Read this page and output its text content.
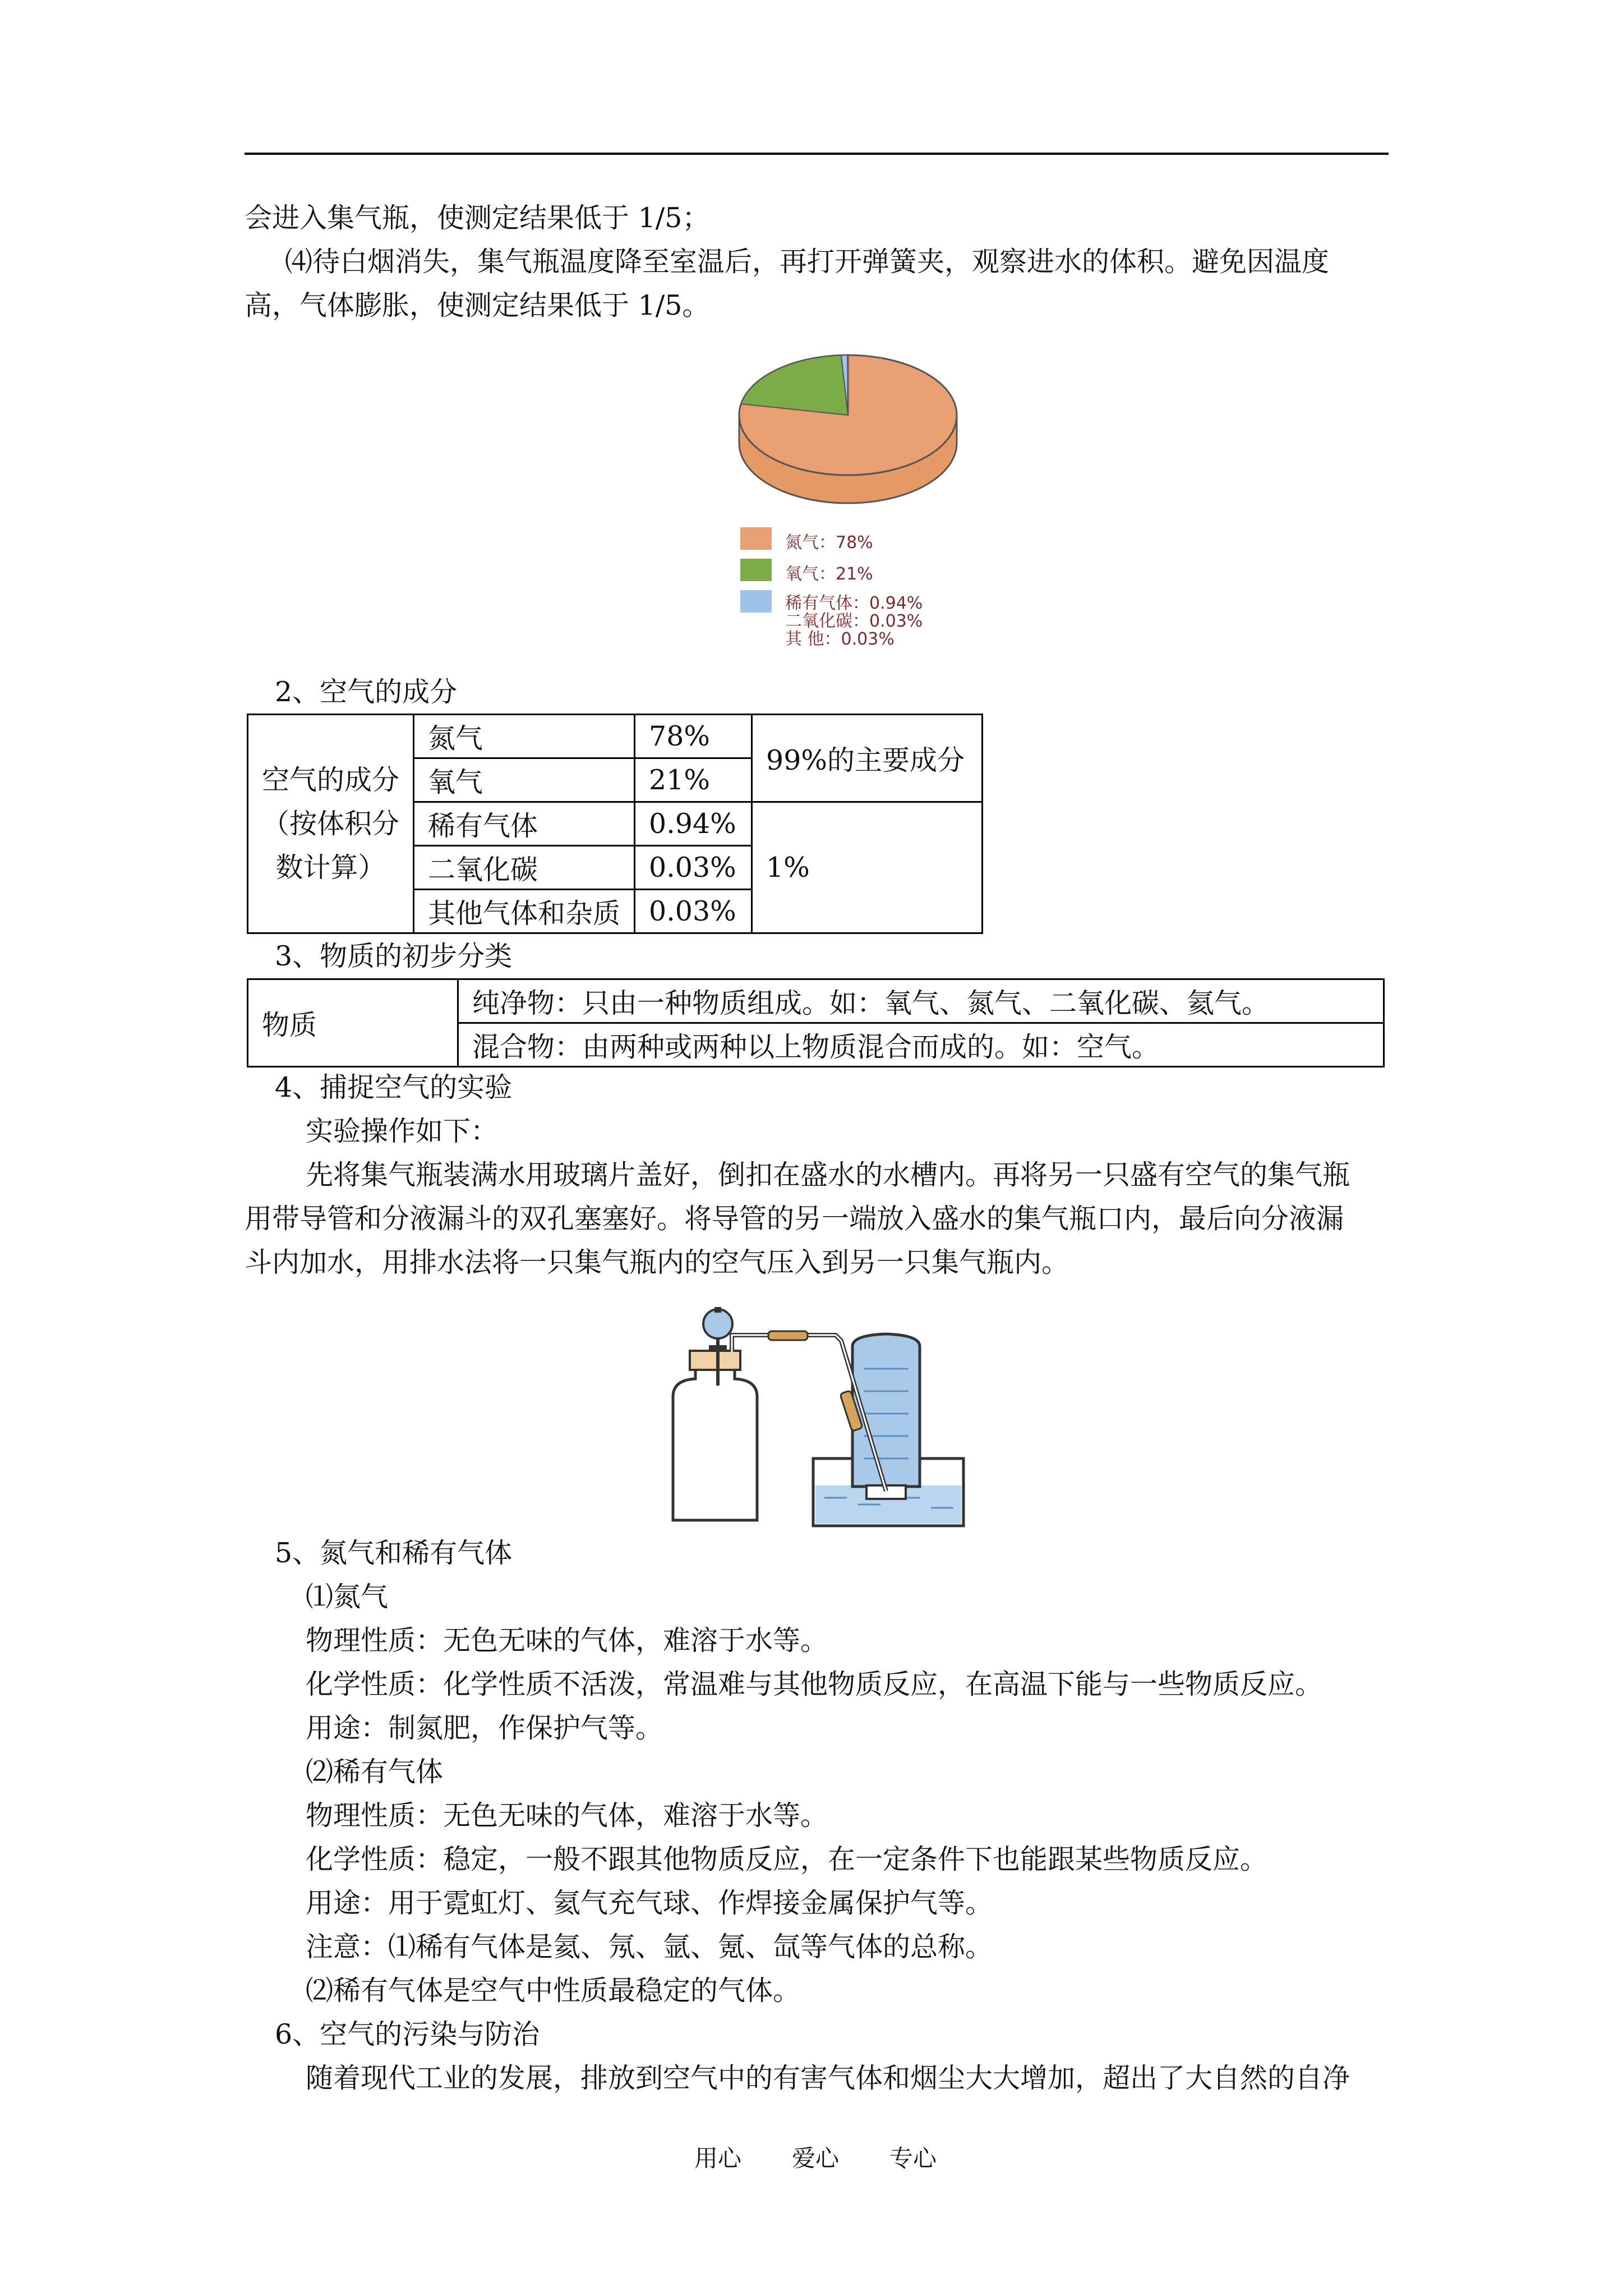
会进入集气瓶，使测定结果低于 1/5；
⑷待白烟消失，集气瓶温度降至室温后，再打开弹簧夹，观察进水的体积。避免因温度
高，气体膨胀，使测定结果低于 1/5。
氮气：78%
氧气：21%
稀有气体：0.94%
二氧化碳：0.03%
其 他：0.03%
2、空气的成分
空气的成分
（按体积分
数计算）	氮气	78%	99%的主要成分
	氧气	21%	
	稀有气体	0.94%	1%
	二氧化碳	0.03%	
	其他气体和杂质	0.03%	
3、物质的初步分类
物质	纯净物：只由一种物质组成。如：氧气、氮气、二氧化碳、氦气。
混合物：由两种或两种以上物质混合而成的。如：空气。
4、捕捉空气的实验
实验操作如下：
先将集气瓶装满水用玻璃片盖好，倒扣在盛水的水槽内。再将另一只盛有空气的集气瓶
用带导管和分液漏斗的双孔塞塞好。将导管的另一端放入盛水的集气瓶口内，最后向分液漏
斗内加水，用排水法将一只集气瓶内的空气压入到另一只集气瓶内。
5、氮气和稀有气体
⑴氮气
物理性质：无色无味的气体，难溶于水等。
化学性质：化学性质不活泼，常温难与其他物质反应，在高温下能与一些物质反应。
用途：制氮肥，作保护气等。
⑵稀有气体
物理性质：无色无味的气体，难溶于水等。
化学性质：稳定，一般不跟其他物质反应，在一定条件下也能跟某些物质反应。
用途：用于霓虹灯、氦气充气球、作焊接金属保护气等。
注意：⑴稀有气体是氦、氖、氩、氪、氙等气体的总称。
⑵稀有气体是空气中性质最稳定的气体。
6、空气的污染与防治
随着现代工业的发展，排放到空气中的有害气体和烟尘大大增加，超出了大自然的自净
用心 爱心 专心
